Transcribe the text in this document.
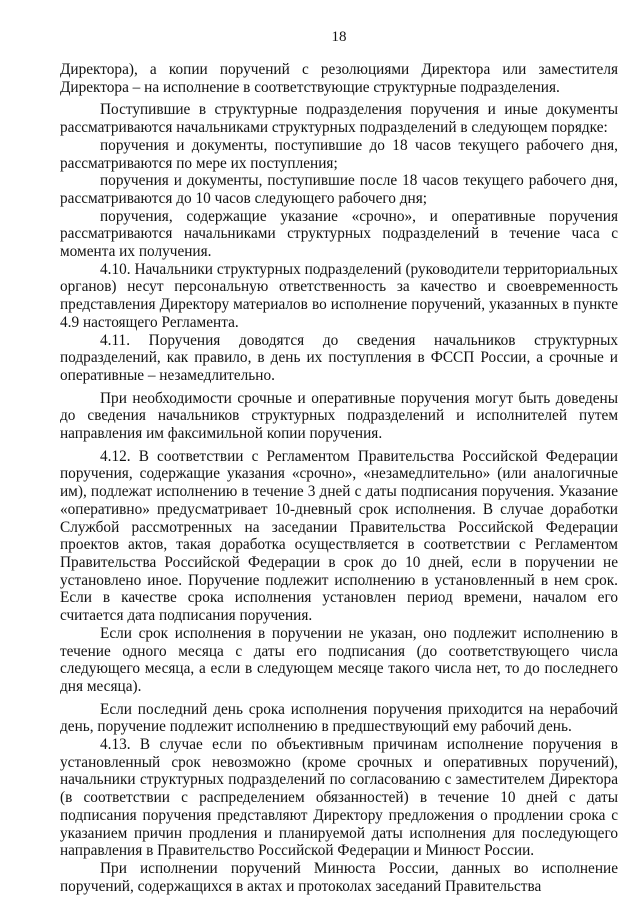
18

Директора), а копии поручений с резолюциями Директора или заместителя Директора – на исполнение в соответствующие структурные подразделения.

Поступившие в структурные подразделения поручения и иные документы рассматриваются начальниками структурных подразделений в следующем порядке:

поручения и документы, поступившие до 18 часов текущего рабочего дня, рассматриваются по мере их поступления;

поручения и документы, поступившие после 18 часов текущего рабочего дня, рассматриваются до 10 часов следующего рабочего дня;

поручения, содержащие указание «срочно», и оперативные поручения рассматриваются начальниками структурных подразделений в течение часа с момента их получения.

4.10. Начальники структурных подразделений (руководители территориальных органов) несут персональную ответственность за качество и своевременность представления Директору материалов во исполнение поручений, указанных в пункте 4.9 настоящего Регламента.

4.11. Поручения доводятся до сведения начальников структурных подразделений, как правило, в день их поступления в ФССП России, а срочные и оперативные – незамедлительно.

При необходимости срочные и оперативные поручения могут быть доведены до сведения начальников структурных подразделений и исполнителей путем направления им факсимильной копии поручения.

4.12. В соответствии с Регламентом Правительства Российской Федерации поручения, содержащие указания «срочно», «незамедлительно» (или аналогичные им), подлежат исполнению в течение 3 дней с даты подписания поручения. Указание «оперативно» предусматривает 10-дневный срок исполнения. В случае доработки Службой рассмотренных на заседании Правительства Российской Федерации проектов актов, такая доработка осуществляется в соответствии с Регламентом Правительства Российской Федерации в срок до 10 дней, если в поручении не установлено иное. Поручение подлежит исполнению в установленный в нем срок. Если в качестве срока исполнения установлен период времени, началом его считается дата подписания поручения.

Если срок исполнения в поручении не указан, оно подлежит исполнению в течение одного месяца с даты его подписания (до соответствующего числа следующего месяца, а если в следующем месяце такого числа нет, то до последнего дня месяца).

Если последний день срока исполнения поручения приходится на нерабочий день, поручение подлежит исполнению в предшествующий ему рабочий день.

4.13. В случае если по объективным причинам исполнение поручения в установленный срок невозможно (кроме срочных и оперативных поручений), начальники структурных подразделений по согласованию с заместителем Директора (в соответствии с распределением обязанностей) в течение 10 дней с даты подписания поручения представляют Директору предложения о продлении срока с указанием причин продления и планируемой даты исполнения для последующего направления в Правительство Российской Федерации и Минюст России.

При исполнении поручений Минюста России, данных во исполнение поручений, содержащихся в актах и протоколах заседаний Правительства
